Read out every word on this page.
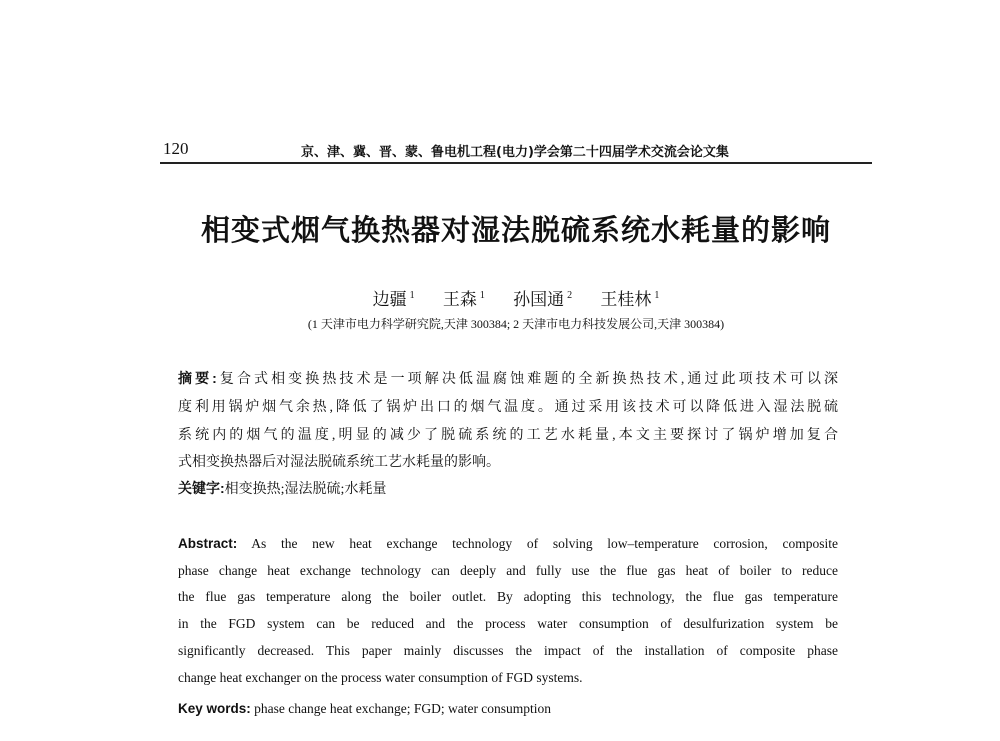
120	京、津、冀、晋、蒙、鲁电机工程(电力)学会第二十四届学术交流会论文集
相变式烟气换热器对湿法脱硫系统水耗量的影响
边疆 $^1$ 王森 $^1$ 孙国通 $^2$ 王桂林 $^1$
(1 天津市电力科学研究院,天津 300384; 2 天津市电力科技发展公司,天津 300384)
摘要:复合式相变换热技术是一项解决低温腐蚀难题的全新换热技术,通过此项技术可以深
度利用锅炉烟气余热,降低了锅炉出口的烟气温度。通过采用该技术可以降低进入湿法脱硫
系统内的烟气的温度,明显的减少了脱硫系统的工艺水耗量,本文主要探讨了锅炉增加复合
式相变换热器后对湿法脱硫系统工艺水耗量的影响。
关键字:相变换热;湿法脱硫;水耗量
Abstract: As the new heat exchange technology of solving low–temperature corrosion, composite
phase change heat exchange technology can deeply and fully use the flue gas heat of boiler to reduce
the flue gas temperature along the boiler outlet. By adopting this technology, the flue gas temperature
in the FGD system can be reduced and the process water consumption of desulfurization system be
significantly decreased. This paper mainly discusses the impact of the installation of composite phase
change heat exchanger on the process water consumption of FGD systems.
Key words: phase change heat exchange; FGD; water consumption
